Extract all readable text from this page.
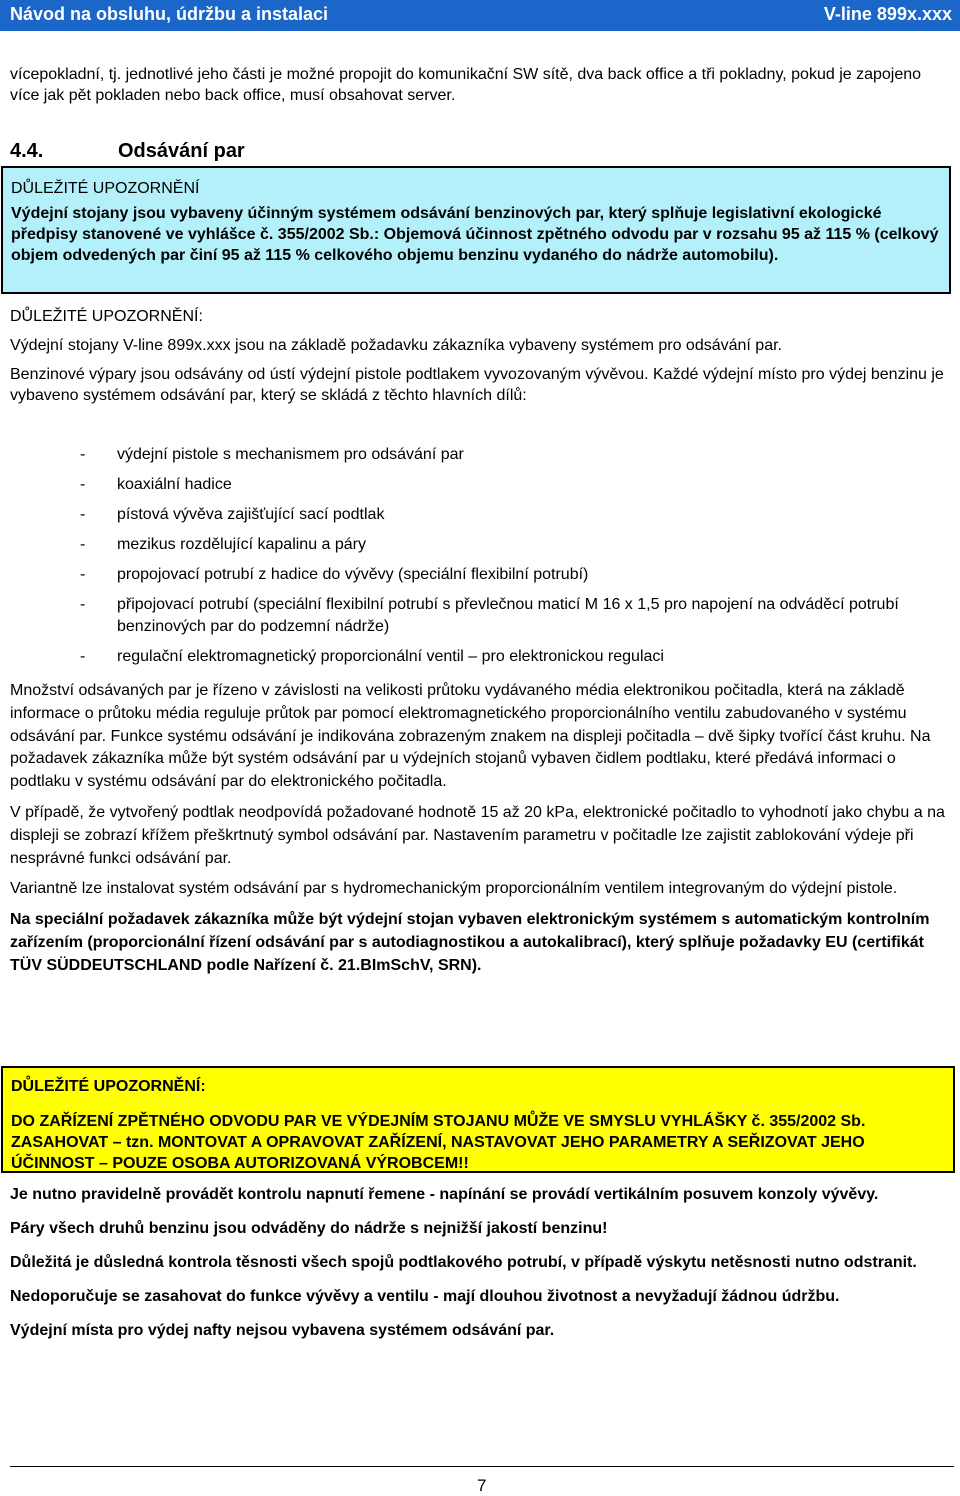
Návod na obsluhu, údržbu a instalaci	V-line 899x.xxx

vícepokladní, tj. jednotlivé jeho části je možné propojit do komunikační SW sítě, dva back office a tři pokladny, pokud je zapojeno více jak pět pokladen nebo back office, musí obsahovat server.

4.4.	Odsávání par
DŮLEŽITÉ UPOZORNĚNÍ
Výdejní stojany jsou vybaveny účinným systémem odsávání benzinových par, který splňuje legislativní ekologické předpisy stanovené ve vyhlášce č. 355/2002 Sb.: Objemová účinnost zpětného odvodu par v rozsahu 95 až 115 % (celkový objem odvedených par činí 95 až 115 % celkového objemu benzinu vydaného do nádrže automobilu).
DŮLEŽITÉ UPOZORNĚNÍ:

Výdejní stojany V-line 899x.xxx jsou na základě požadavku zákazníka vybaveny systémem pro odsávání par.

Benzinové výpary jsou odsávány od ústí výdejní pistole podtlakem vyvozovaným vývěvou. Každé výdejní místo pro výdej benzinu je vybaveno systémem odsávání par, který se skládá z těchto hlavních dílů:

- výdejní pistole s mechanismem pro odsávání par
- koaxiální hadice
- pístová vývěva zajišťující sací podtlak
- mezikus rozdělující kapalinu a páry
- propojovací potrubí z hadice do vývěvy (speciální flexibilní potrubí)
- připojovací potrubí (speciální flexibilní potrubí s převlečnou maticí M 16 x 1,5 pro napojení na odváděcí potrubí benzinových par do podzemní nádrže)
- regulační elektromagnetický proporcionální ventil – pro elektronickou regulaci

Množství odsávaných par je řízeno v závislosti na velikosti průtoku vydávaného média elektronikou počitadla, která na základě informace o průtoku média reguluje průtok par pomocí elektromagnetického proporcionálního ventilu zabudovaného v systému odsávání par. Funkce systému odsávání je indikována zobrazeným znakem na displeji počitadla – dvě šipky tvořící část kruhu. Na požadavek zákazníka může být systém odsávání par u výdejních stojanů vybaven čidlem podtlaku, které předává informaci o podtlaku v systému odsávání par do elektronického počitadla.

V případě, že vytvořený podtlak neodpovídá požadované hodnotě 15 až 20 kPa, elektronické počitadlo to vyhodnotí jako chybu a na displeji se zobrazí křížem přeškrtnutý symbol odsávání par. Nastavením parametru v počitadle lze zajistit zablokování výdeje při nesprávné funkci odsávání par.

Variantně lze instalovat systém odsávání par s hydromechanickým proporcionálním ventilem integrovaným do výdejní pistole.

Na speciální požadavek zákazníka může být výdejní stojan vybaven elektronickým systémem s automatickým kontrolním zařízením (proporcionální řízení odsávání par s autodiagnostikou a autokalibrací), který splňuje požadavky EU (certifikát TÜV SÜDDEUTSCHLAND podle Nařízení č. 21.BImSchV, SRN).

DŮLEŽITÉ UPOZORNĚNÍ:
DO ZAŘÍZENÍ ZPĚTNÉHO ODVODU PAR VE VÝDEJNÍM STOJANU MŮŽE VE SMYSLU VYHLÁŠKY č. 355/2002 Sb. ZASAHOVAT – tzn. MONTOVAT A OPRAVOVAT ZAŘÍZENÍ, NASTAVOVAT JEHO PARAMETRY A SEŘIZOVAT JEHO ÚČINNOST – POUZE OSOBA AUTORIZOVANÁ VÝROBCEM!!

Je nutno pravidelně provádět kontrolu napnutí řemene - napínání se provádí vertikálním posuvem konzoly vývěvy.

Páry všech druhů benzinu jsou odváděny do nádrže s nejnižší jakostí benzinu!

Důležitá je důsledná kontrola těsnosti všech spojů podtlakového potrubí, v případě výskytu netěsnosti nutno odstranit.

Nedoporučuje se zasahovat do funkce vývěvy a ventilu - mají dlouhou životnost a nevyžadují žádnou údržbu.

Výdejní místa pro výdej nafty nejsou vybavena systémem odsávání par.

7
